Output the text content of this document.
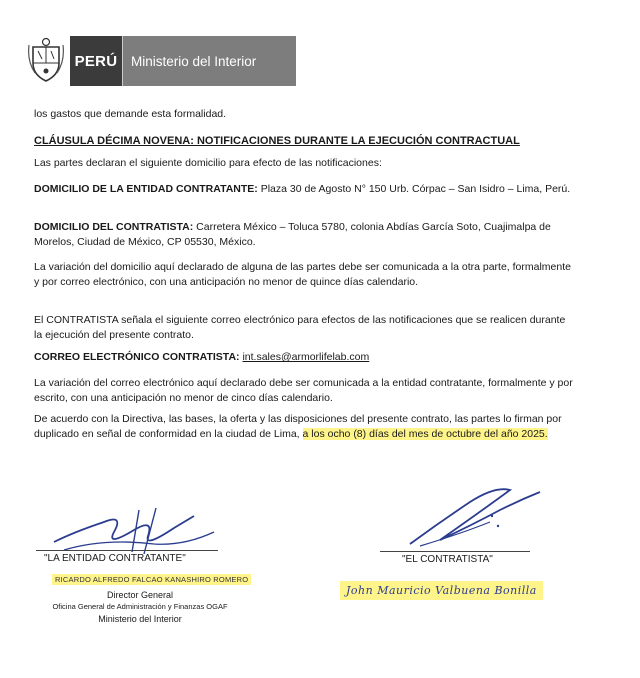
PERÚ	Ministerio del Interior

los gastos que demande esta formalidad.

CLÁUSULA DÉCIMA NOVENA: NOTIFICACIONES DURANTE LA EJECUCIÓN CONTRACTUAL

Las partes declaran el siguiente domicilio para efecto de las notificaciones:

DOMICILIO DE LA ENTIDAD CONTRATANTE: Plaza 30 de Agosto N° 150 Urb. Córpac – San Isidro – Lima, Perú.

DOMICILIO DEL CONTRATISTA: Carretera México – Toluca 5780, colonia Abdías García Soto, Cuajimalpa de Morelos, Ciudad de México, CP 05530, México.

La variación del domicilio aquí declarado de alguna de las partes debe ser comunicada a la otra parte, formalmente y por correo electrónico, con una anticipación no menor de quince días calendario.

El CONTRATISTA señala el siguiente correo electrónico para efectos de las notificaciones que se realicen durante la ejecución del presente contrato.

CORREO ELECTRÓNICO CONTRATISTA: int.sales@armorlifelab.com

La variación del correo electrónico aquí declarado debe ser comunicada a la entidad contratante, formalmente y por escrito, con una anticipación no menor de cinco días calendario.

De acuerdo con la Directiva, las bases, la oferta y las disposiciones del presente contrato, las partes lo firman por duplicado en señal de conformidad en la ciudad de Lima, a los ocho (8) días del mes de octubre del año 2025.

"LA ENTIDAD CONTRATANTE"
RICARDO ALFREDO FALCAO KANASHIRO ROMERO
Director General
Oficina General de Administración y Finanzas OGAF
Ministerio del Interior
"EL CONTRATISTA"
John Mauricio Valbuena Bonilla
